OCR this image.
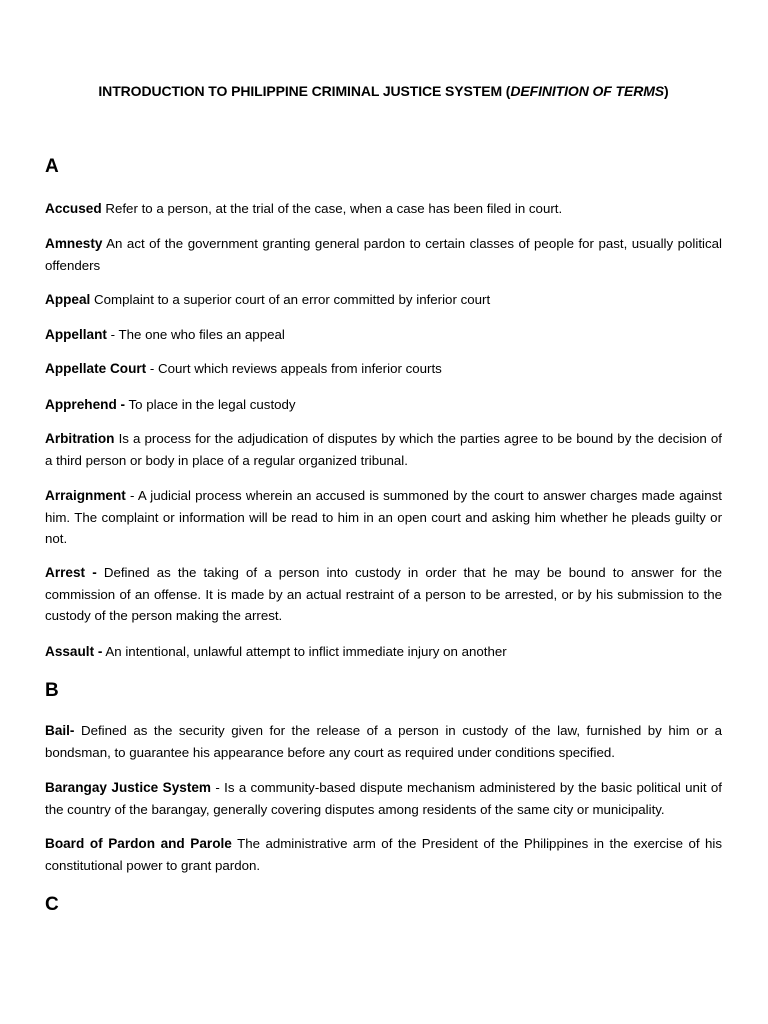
INTRODUCTION TO PHILIPPINE CRIMINAL JUSTICE SYSTEM (DEFINITION OF TERMS)
A

Accused Refer to a person, at the trial of the case, when a case has been filed in court.

Amnesty An act of the government granting general pardon to certain classes of people for past, usually political offenders

Appeal Complaint to a superior court of an error committed by inferior court

Appellant - The one who files an appeal

Appellate Court - Court which reviews appeals from inferior courts

Apprehend - To place in the legal custody

Arbitration Is a process for the adjudication of disputes by which the parties agree to be bound by the decision of a third person or body in place of a regular organized tribunal.

Arraignment - A judicial process wherein an accused is summoned by the court to answer charges made against him. The complaint or information will be read to him in an open court and asking him whether he pleads guilty or not.

Arrest - Defined as the taking of a person into custody in order that he may be bound to answer for the commission of an offense. It is made by an actual restraint of a person to be arrested, or by his submission to the custody of the person making the arrest.

Assault - An intentional, unlawful attempt to inflict immediate injury on another

B

Bail- Defined as the security given for the release of a person in custody of the law, furnished by him or a bondsman, to guarantee his appearance before any court as required under conditions specified.

Barangay Justice System - Is a community-based dispute mechanism administered by the basic political unit of the country of the barangay, generally covering disputes among residents of the same city or municipality.

Board of Pardon and Parole The administrative arm of the President of the Philippines in the exercise of his constitutional power to grant pardon.

C
